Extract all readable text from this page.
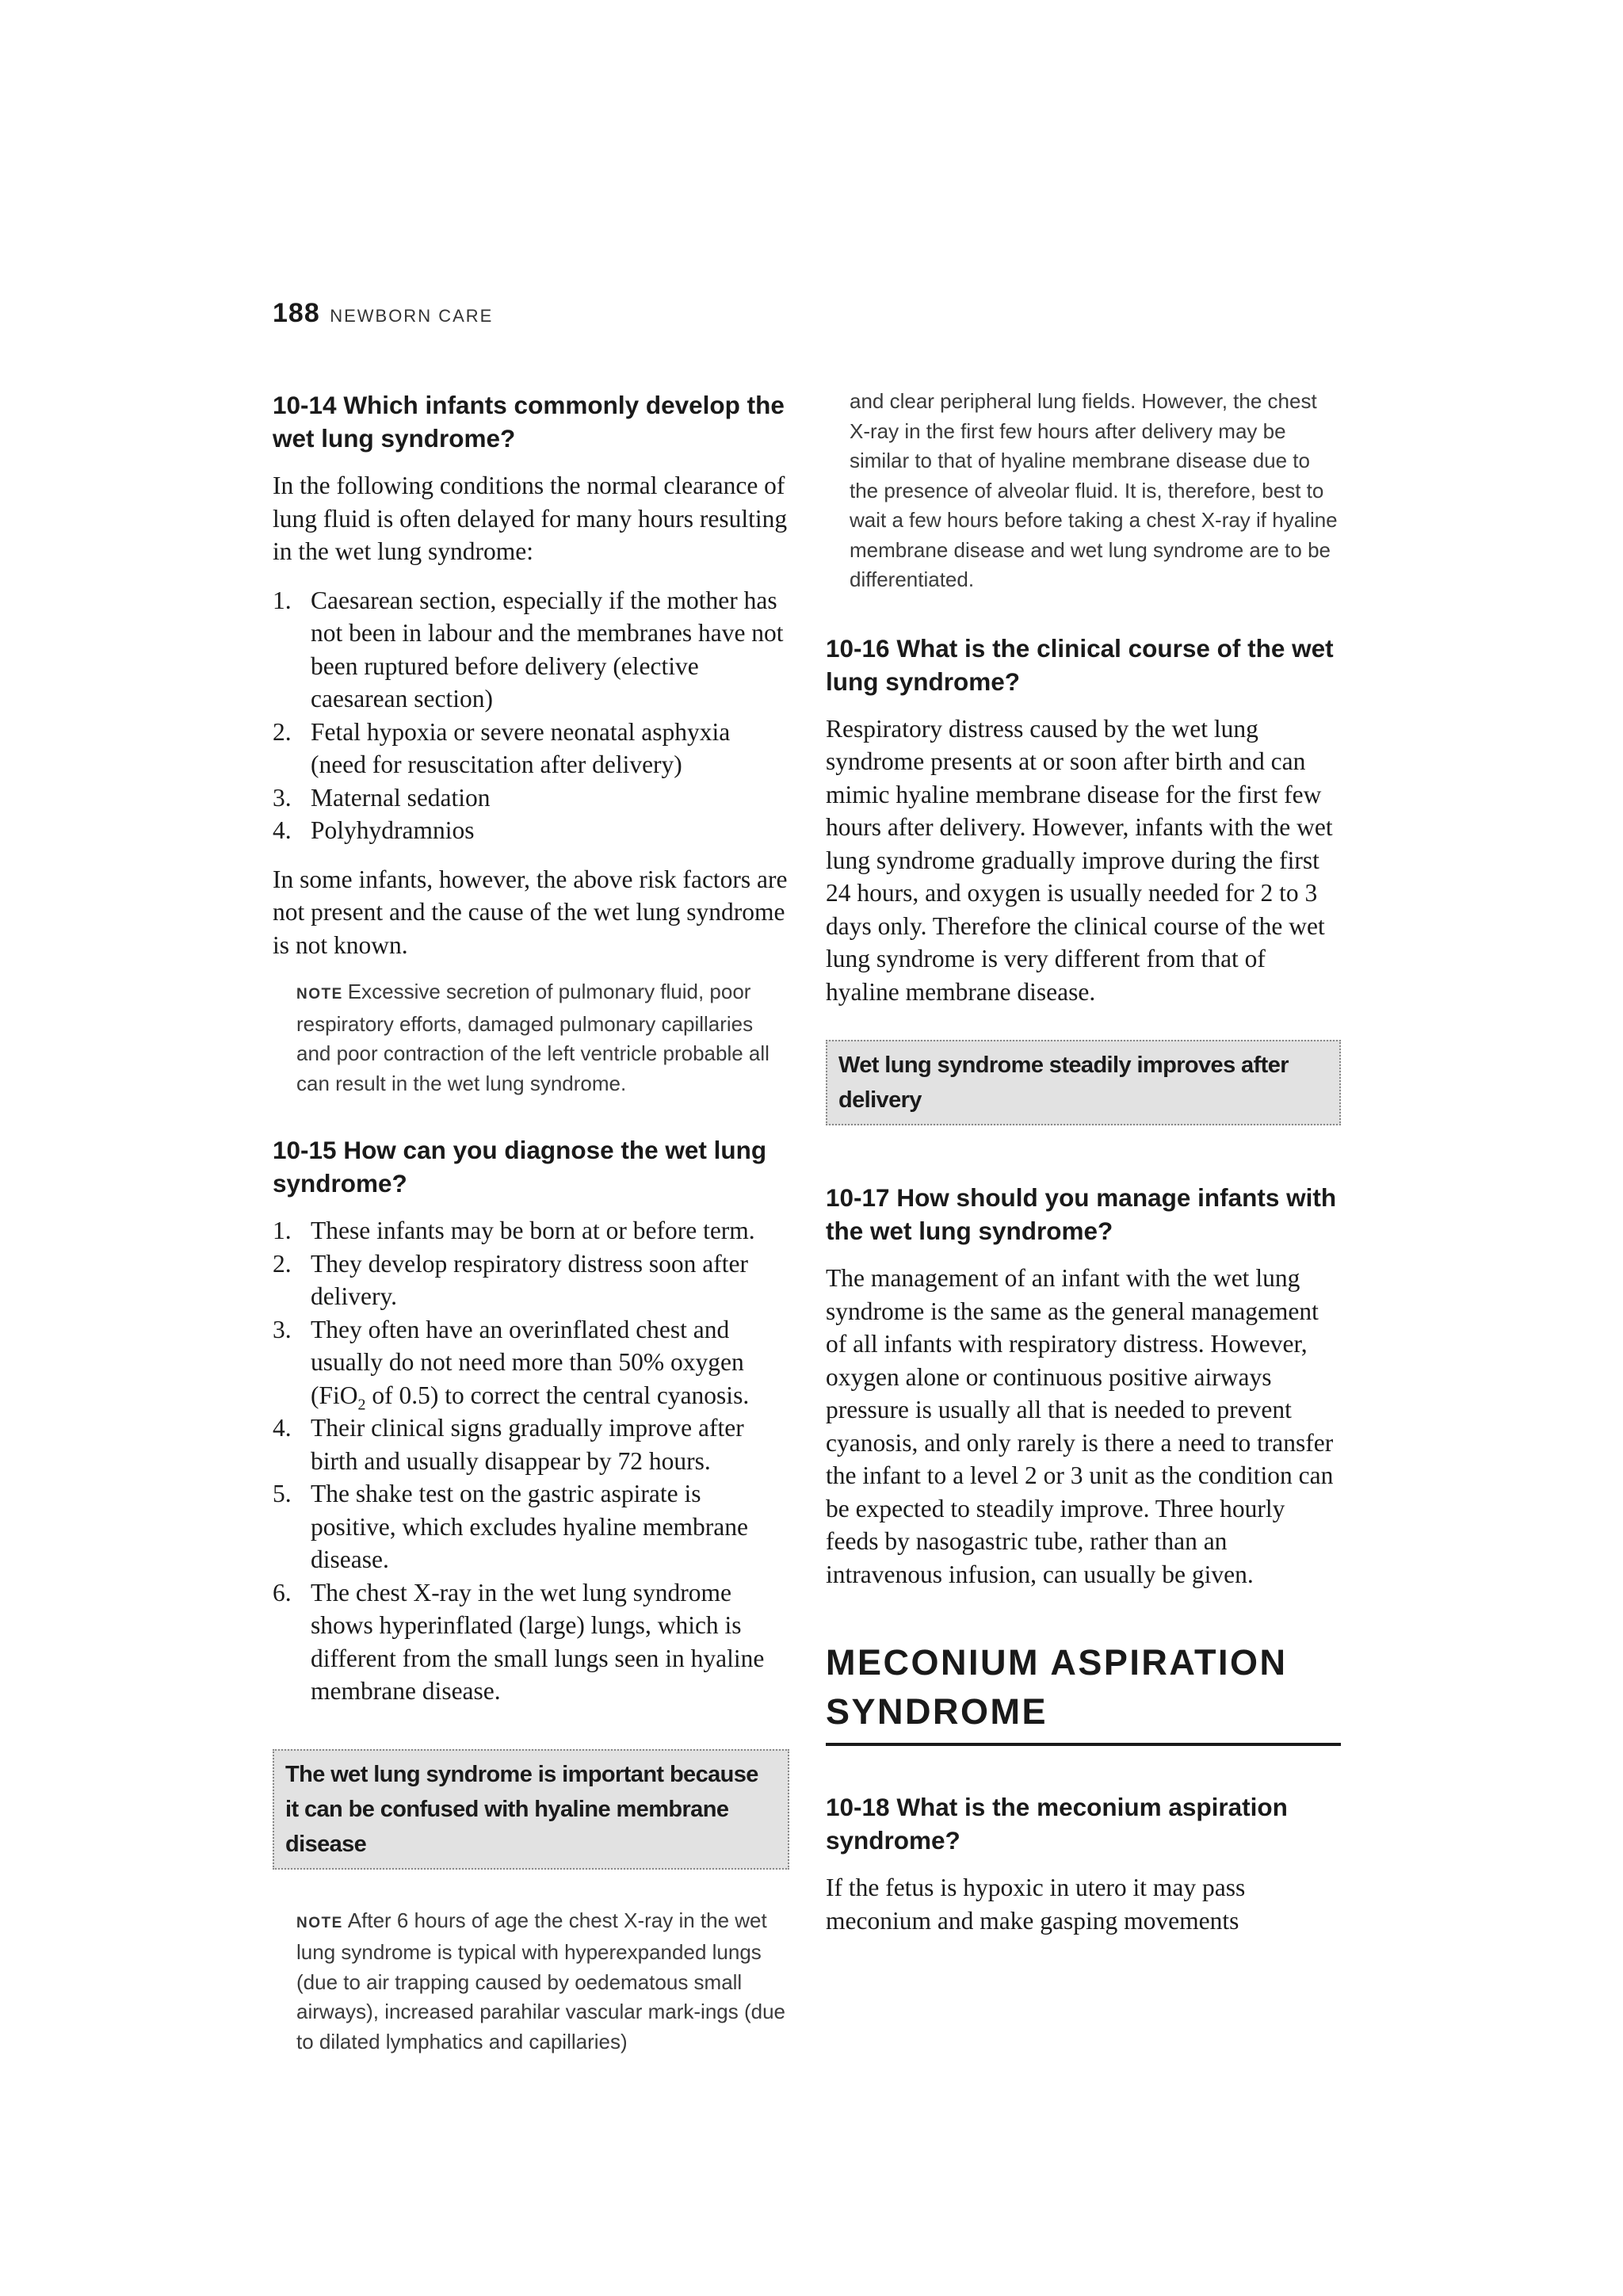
188 NEWBORN CARE
10-14 Which infants commonly develop the wet lung syndrome?

In the following conditions the normal clearance of lung fluid is often delayed for many hours resulting in the wet lung syndrome:

1. Caesarean section, especially if the mother has not been in labour and the membranes have not been ruptured before delivery (elective caesarean section)
2. Fetal hypoxia or severe neonatal asphyxia (need for resuscitation after delivery)
3. Maternal sedation
4. Polyhydramnios

In some infants, however, the above risk factors are not present and the cause of the wet lung syndrome is not known.

NOTE Excessive secretion of pulmonary fluid, poor respiratory efforts, damaged pulmonary capillaries and poor contraction of the left ventricle probable all can result in the wet lung syndrome.
10-15 How can you diagnose the wet lung syndrome?
1. These infants may be born at or before term.
2. They develop respiratory distress soon after delivery.
3. They often have an overinflated chest and usually do not need more than 50% oxygen (FiO$_2$ of 0.5) to correct the central cyanosis.
4. Their clinical signs gradually improve after birth and usually disappear by 72 hours.
5. The shake test on the gastric aspirate is positive, which excludes hyaline membrane disease.
6. The chest X-ray in the wet lung syndrome shows hyperinflated (large) lungs, which is different from the small lungs seen in hyaline membrane disease.
The wet lung syndrome is important because it can be confused with hyaline membrane disease
NOTE After 6 hours of age the chest X-ray in the wet lung syndrome is typical with hyperexpanded lungs (due to air trapping caused by oedematous small airways), increased parahilar vascular mark-ings (due to dilated lymphatics and capillaries)
and clear peripheral lung fields. However, the chest X-ray in the first few hours after delivery may be similar to that of hyaline membrane disease due to the presence of alveolar fluid. It is, therefore, best to wait a few hours before taking a chest X-ray if hyaline membrane disease and wet lung syndrome are to be differentiated.
10-16 What is the clinical course of the wet lung syndrome?

Respiratory distress caused by the wet lung syndrome presents at or soon after birth and can mimic hyaline membrane disease for the first few hours after delivery. However, infants with the wet lung syndrome gradually improve during the first 24 hours, and oxygen is usually needed for 2 to 3 days only. Therefore the clinical course of the wet lung syndrome is very different from that of hyaline membrane disease.

Wet lung syndrome steadily improves after delivery
10-17 How should you manage infants with the wet lung syndrome?

The management of an infant with the wet lung syndrome is the same as the general management of all infants with respiratory distress. However, oxygen alone or continuous positive airways pressure is usually all that is needed to prevent cyanosis, and only rarely is there a need to transfer the infant to a level 2 or 3 unit as the condition can be expected to steadily improve. Three hourly feeds by nasogastric tube, rather than an intravenous infusion, can usually be given.

MECONIUM ASPIRATION SYNDROME
10-18 What is the meconium aspiration syndrome?

If the fetus is hypoxic in utero it may pass meconium and make gasping movements
